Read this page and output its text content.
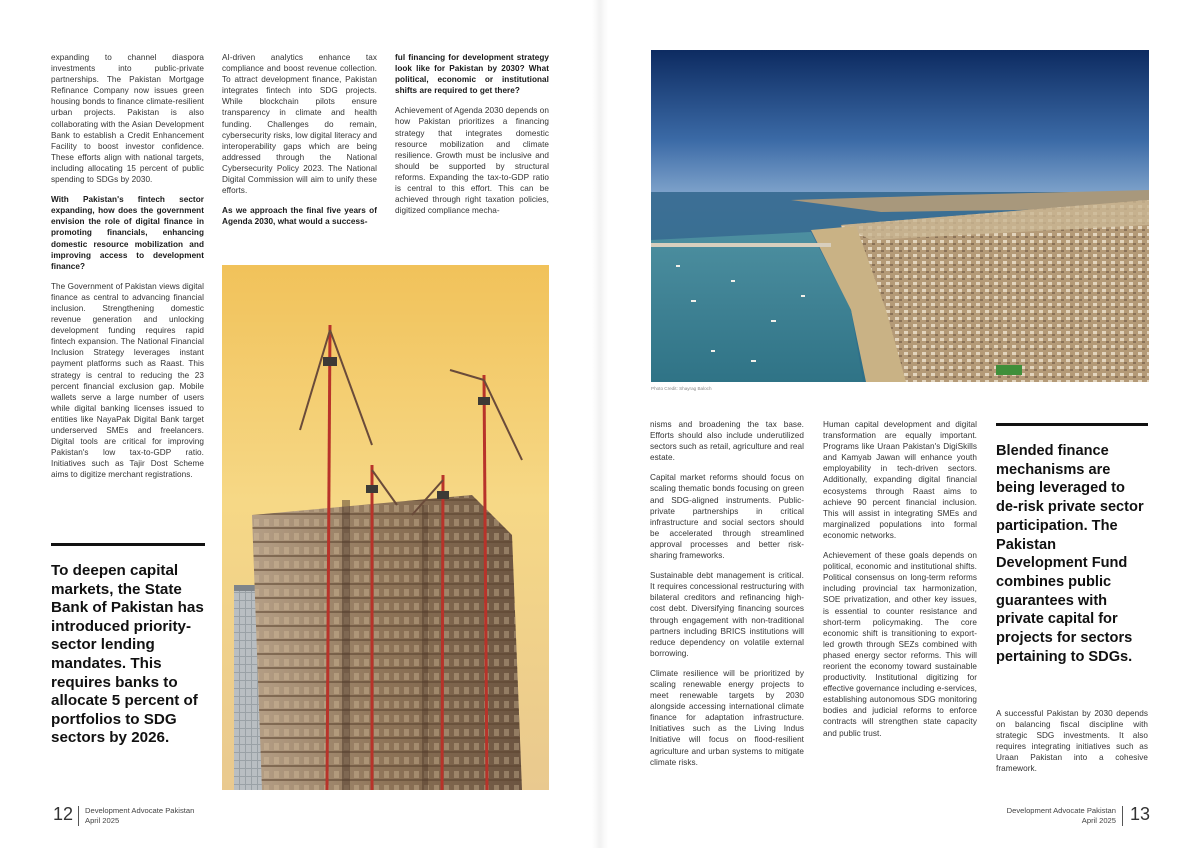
expanding to channel diaspora investments into public-private partnerships. The Pakistan Mortgage Refinance Company now issues green housing bonds to finance climate-resilient urban projects. Pakistan is also collaborating with the Asian Development Bank to establish a Credit Enhancement Facility to boost investor confidence. These efforts align with national targets, including allocating 15 percent of public spending to SDGs by 2030.

With Pakistan's fintech sector expanding, how does the government envision the role of digital finance in promoting financials, enhancing domestic resource mobilization and improving access to development finance?

The Government of Pakistan views digital finance as central to advancing financial inclusion. Strengthening domestic revenue generation and unlocking development funding requires rapid fintech expansion. The National Financial Inclusion Strategy leverages instant payment platforms such as Raast. This strategy is central to reducing the 23 percent financial exclusion gap. Mobile wallets serve a large number of users while digital banking licenses issued to entities like NayaPak Digital Bank target underserved SMEs and freelancers. Digital tools are critical for improving Pakistan's low tax-to-GDP ratio. Initiatives such as Tajir Dost Scheme aims to digitize merchant registrations.

AI-driven analytics enhance tax compliance and boost revenue collection. To attract development finance, Pakistan integrates fintech into SDG projects. While blockchain pilots ensure transparency in climate and health funding. Challenges do remain, cybersecurity risks, low digital literacy and interoperability gaps which are being addressed through the National Cybersecurity Policy 2023. The National Digital Commission will aim to unify these efforts.

As we approach the final five years of Agenda 2030, what would a success-

ful financing for development strategy look like for Pakistan by 2030? What political, economic or institutional shifts are required to get there?

Achievement of Agenda 2030 depends on how Pakistan prioritizes a financing strategy that integrates domestic resource mobilization and climate resilience. Growth must be inclusive and should be supported by structural reforms. Expanding the tax-to-GDP ratio is central to this effort. This can be achieved through right taxation policies, digitized compliance mecha-

To deepen capital markets, the State Bank of Pakistan has introduced priority-sector lending mandates. This requires banks to allocate 5 percent of portfolios to SDG sectors by 2026.
12 Development Advocate Pakistan
April 2025
Photo Credit: Shayrag Baloch

nisms and broadening the tax base. Efforts should also include underutilized sectors such as retail, agriculture and real estate.

Capital market reforms should focus on scaling thematic bonds focusing on green and SDG-aligned instruments. Public-private partnerships in critical infrastructure and social sectors should be accelerated through streamlined approval processes and better risk-sharing frameworks.

Sustainable debt management is critical. It requires concessional restructuring with bilateral creditors and refinancing high-cost debt. Diversifying financing sources through engagement with non-traditional partners including BRICS institutions will reduce dependency on volatile external borrowing.

Climate resilience will be prioritized by scaling renewable energy projects to meet renewable targets by 2030 alongside accessing international climate finance for adaptation infrastructure. Initiatives such as the Living Indus Initiative will focus on flood-resilient agriculture and urban systems to mitigate climate risks.

Human capital development and digital transformation are equally important. Programs like Uraan Pakistan's DigiSkills and Kamyab Jawan will enhance youth employability in tech-driven sectors. Additionally, expanding digital financial ecosystems through Raast aims to achieve 90 percent financial inclusion. This will assist in integrating SMEs and marginalized populations into formal economic networks.

Achievement of these goals depends on political, economic and institutional shifts. Political consensus on long-term reforms including provincial tax harmonization, SOE privatization, and other key issues, is essential to counter resistance and short-term policymaking. The core economic shift is transitioning to export-led growth through SEZs combined with phased energy sector reforms. This will reorient the economy toward sustainable productivity. Institutional digitizing for effective governance including e-services, establishing autonomous SDG monitoring bodies and judicial reforms to enforce contracts will strengthen state capacity and public trust.

Blended finance mechanisms are being leveraged to de-risk private sector participation. The Pakistan Development Fund combines public guarantees with private capital for projects for sectors pertaining to SDGs.

A successful Pakistan by 2030 depends on balancing fiscal discipline with strategic SDG investments. It also requires integrating initiatives such as Uraan Pakistan into a cohesive framework.

Development Advocate Pakistan
April 2025 13
